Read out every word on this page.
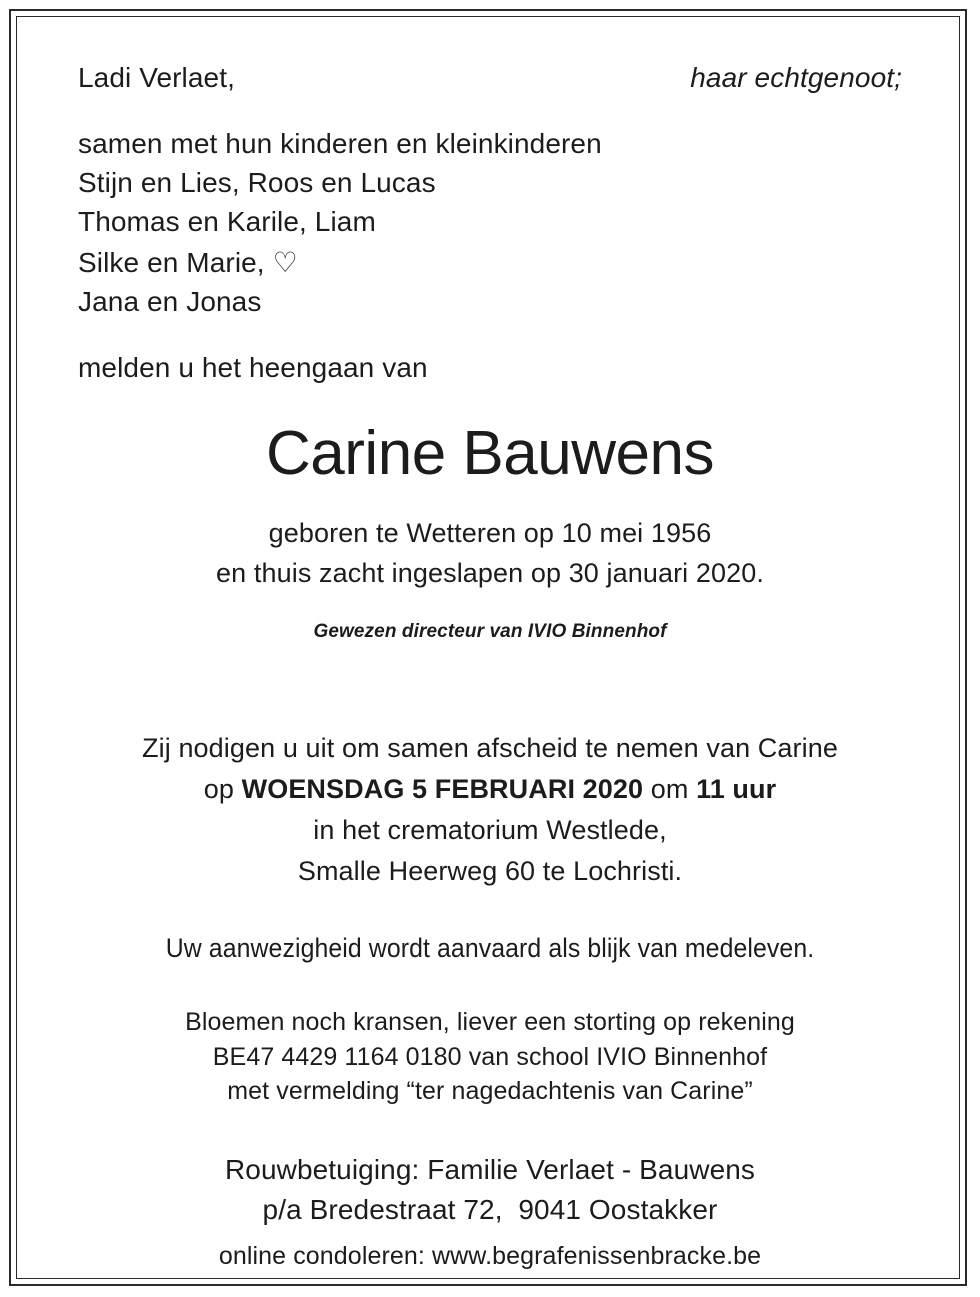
Ladi Verlaet,	haar echtgenoot;
samen met hun kinderen en kleinkinderen
Stijn en Lies, Roos en Lucas
Thomas en Karile, Liam
Silke en Marie, ♡
Jana en Jonas
melden u het heengaan van
Carine Bauwens
geboren te Wetteren op 10 mei 1956
en thuis zacht ingeslapen op 30 januari 2020.
Gewezen directeur van IVIO Binnenhof
Zij nodigen u uit om samen afscheid te nemen van Carine
op WOENSDAG 5 FEBRUARI 2020 om 11 uur
in het crematorium Westlede,
Smalle Heerweg 60 te Lochristi.
Uw aanwezigheid wordt aanvaard als blijk van medeleven.
Bloemen noch kransen, liever een storting op rekening
BE47 4429 1164 0180 van school IVIO Binnenhof
met vermelding “ter nagedachtenis van Carine”
Rouwbetuiging: Familie Verlaet - Bauwens
p/a Bredestraat 72,  9041 Oostakker
online condoleren: www.begrafenissenbracke.be
